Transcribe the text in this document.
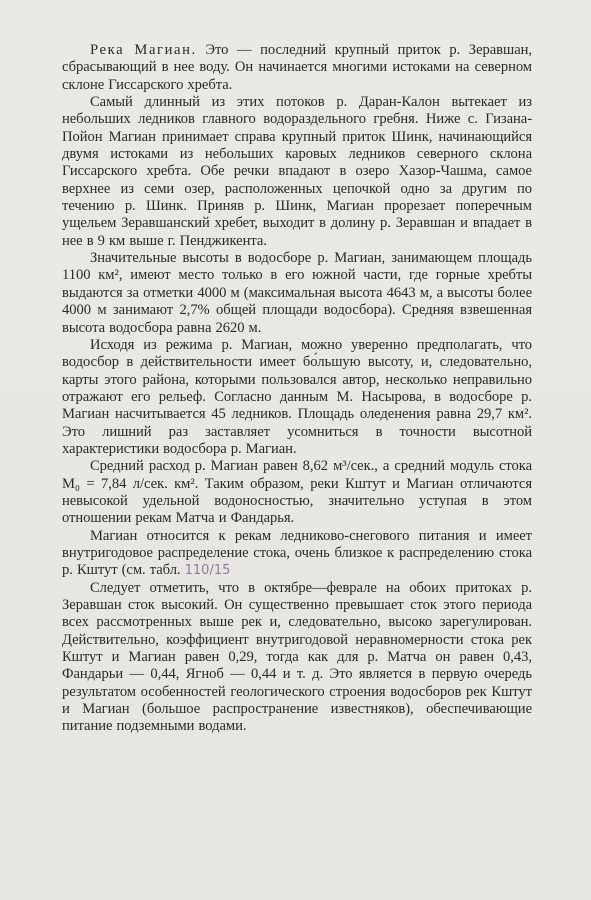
Река Магиан. Это — последний крупный приток р. Зеравшан, сбрасывающий в нее воду. Он начинается многими истоками на северном склоне Гиссарского хребта.

Самый длинный из этих потоков р. Даран-Калон вытекает из небольших ледников главного водораздельного гребня. Ниже с. Гизана-Пойон Магиан принимает справа крупный приток Шинк, начинающийся двумя истоками из небольших каровых ледников северного склона Гиссарского хребта. Обе речки впадают в озеро Хазор-Чашма, самое верхнее из семи озер, расположенных цепочкой одно за другим по течению р. Шинк. Приняв р. Шинк, Магиан прорезает поперечным ущельем Зеравшанский хребет, выходит в долину р. Зеравшан и впадает в нее в 9 км выше г. Пенджикента.

Значительные высоты в водосборе р. Магиан, занимающем площадь 1100 км², имеют место только в его южной части, где горные хребты выдаются за отметки 4000 м (максимальная высота 4643 м, а высоты более 4000 м занимают 2,7% общей площади водосбора). Средняя взвешенная высота водосбора равна 2620 м.

Исходя из режима р. Магиан, можно уверенно предполагать, что водосбор в действительности имеет бо́льшую высоту, и, следовательно, карты этого района, которыми пользовался автор, несколько неправильно отражают его рельеф. Согласно данным М. Насырова, в водосборе р. Магиан насчитывается 45 ледников. Площадь оледенения равна 29,7 км². Это лишний раз заставляет усомниться в точности высотной характеристики водосбора р. Магиан.

Средний расход р. Магиан равен 8,62 м³/сек., а средний модуль стока M₀ = 7,84 л/сек. км². Таким образом, реки Кштут и Магиан отличаются невысокой удельной водоносностью, значительно уступая в этом отношении рекам Матча и Фандарья.

Магиан относится к рекам ледниково-снегового питания и имеет внутригодовое распределение стока, очень близкое к распределению стока р. Кштут (см. табл. 110/15

Следует отметить, что в октябре—феврале на обоих притоках р. Зеравшан сток высокий. Он существенно превышает сток этого периода всех рассмотренных выше рек и, следовательно, высоко зарегулирован. Действительно, коэффициент внутригодовой неравномерности стока рек Кштут и Магиан равен 0,29, тогда как для р. Матча он равен 0,43, Фандарьи — 0,44, Ягноб — 0,44 и т. д. Это является в первую очередь результатом особенностей геологического строения водосборов рек Кштут и Магиан (большое распространение известняков), обеспечивающие питание подземными водами.
